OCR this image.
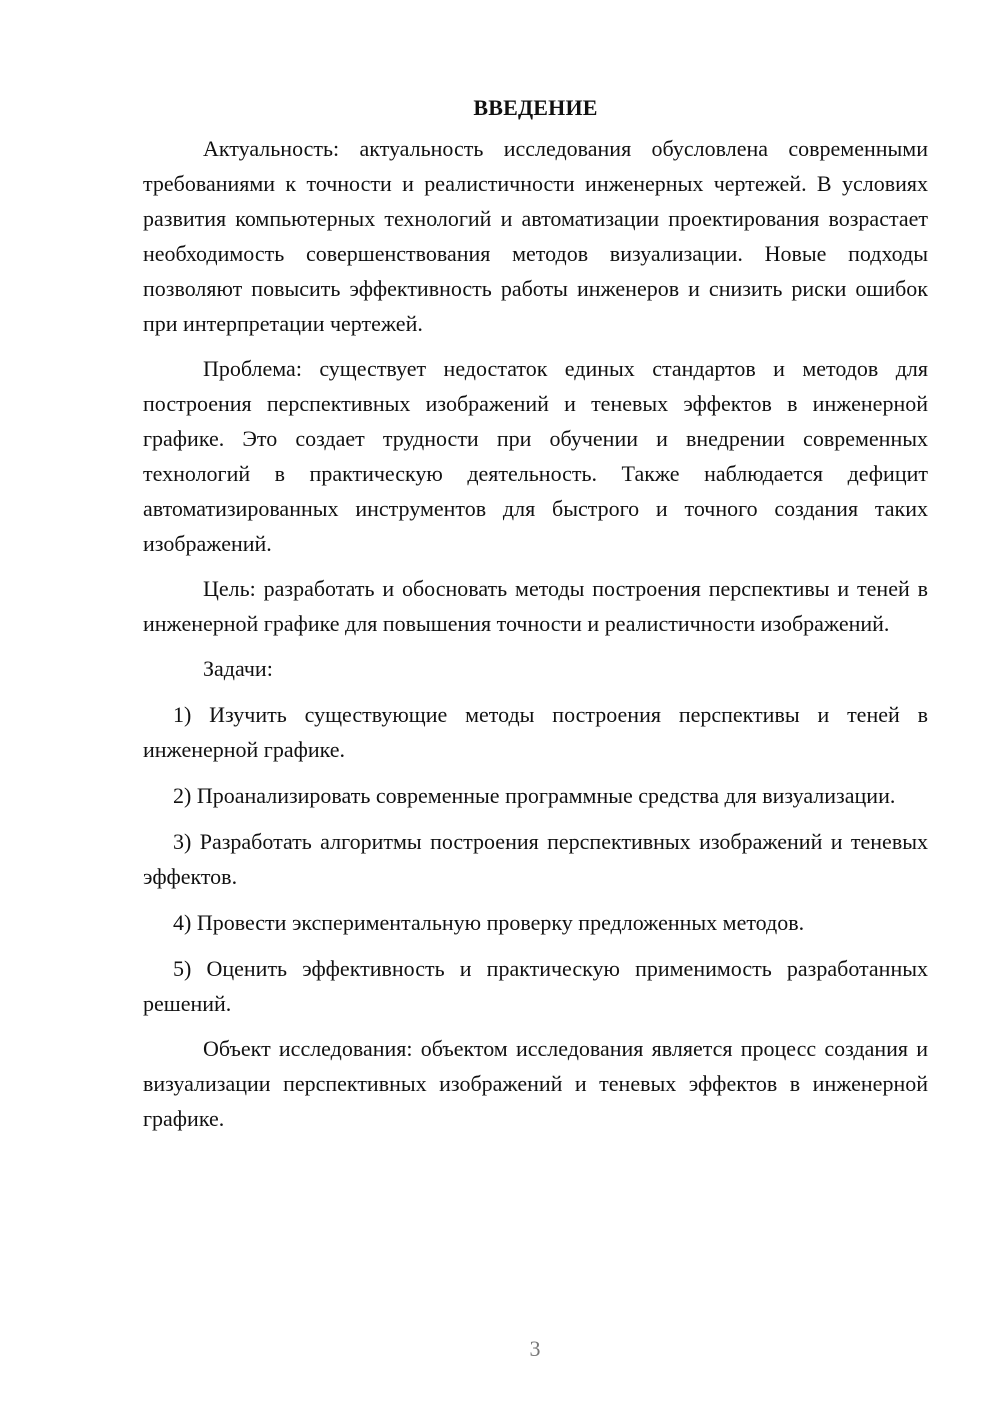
ВВЕДЕНИЕ

Актуальность: актуальность исследования обусловлена современными требованиями к точности и реалистичности инженерных чертежей. В условиях развития компьютерных технологий и автоматизации проектирования возрастает необходимость совершенствования методов визуализации. Новые подходы позволяют повысить эффективность работы инженеров и снизить риски ошибок при интерпретации чертежей.

Проблема: существует недостаток единых стандартов и методов для построения перспективных изображений и теневых эффектов в инженерной графике. Это создает трудности при обучении и внедрении современных технологий в практическую деятельность. Также наблюдается дефицит автоматизированных инструментов для быстрого и точного создания таких изображений.

Цель: разработать и обосновать методы построения перспективы и теней в инженерной графике для повышения точности и реалистичности изображений.

Задачи:

1) Изучить существующие методы построения перспективы и теней в инженерной графике.

2) Проанализировать современные программные средства для визуализации.

3) Разработать алгоритмы построения перспективных изображений и теневых эффектов.

4) Провести экспериментальную проверку предложенных методов.

5) Оценить эффективность и практическую применимость разработанных решений.

Объект исследования: объектом исследования является процесс создания и визуализации перспективных изображений и теневых эффектов в инженерной графике.

3
